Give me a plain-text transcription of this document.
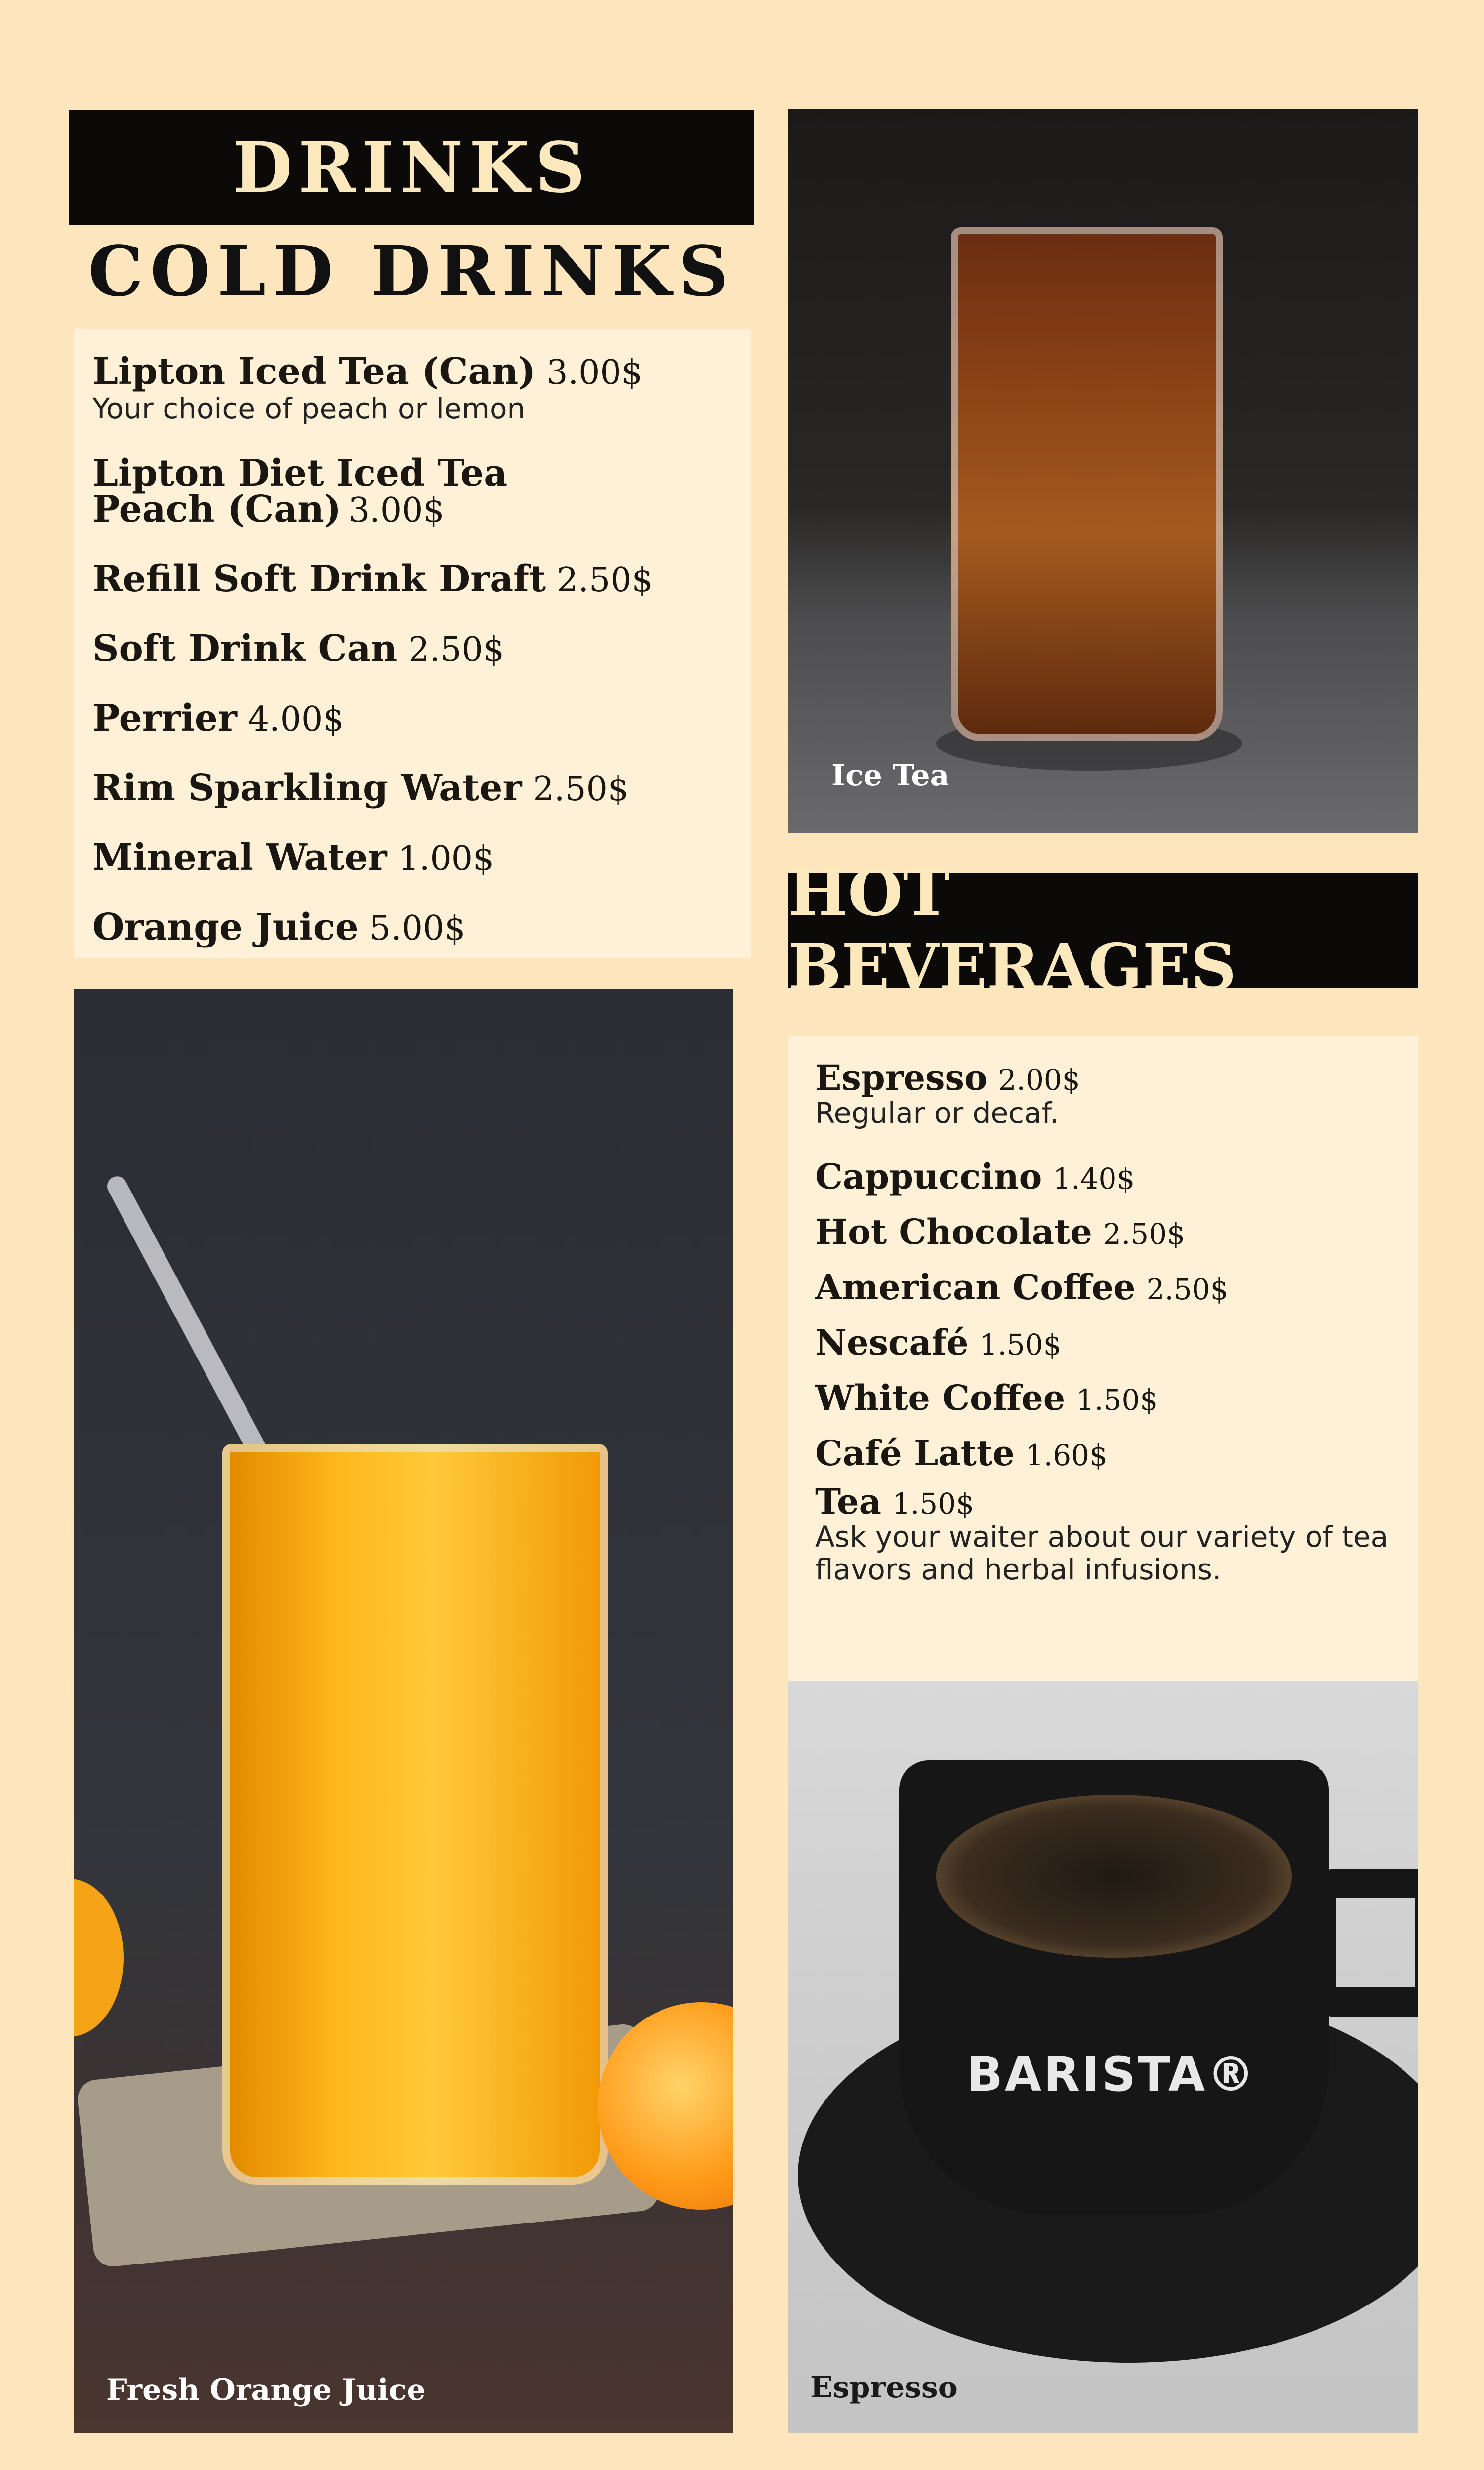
DRINKS
COLD DRINKS
Lipton Iced Tea (Can) 3.00$
Your choice of peach or lemon
Lipton Diet Iced Tea Peach (Can) 3.00$
Refill Soft Drink Draft 2.50$
Soft Drink Can 2.50$
Perrier 4.00$
Rim Sparkling Water 2.50$
Mineral Water 1.00$
Orange Juice 5.00$
Ice Tea
HOT BEVERAGES
Espresso 2.00$
Regular or decaf.
Cappuccino 1.40$
Hot Chocolate 2.50$
American Coffee 2.50$
Nescafé 1.50$
White Coffee 1.50$
Café Latte 1.60$
Tea 1.50$
Ask your waiter about our variety of tea flavors and herbal infusions.
Fresh Orange Juice
BARISTA®
Espresso
